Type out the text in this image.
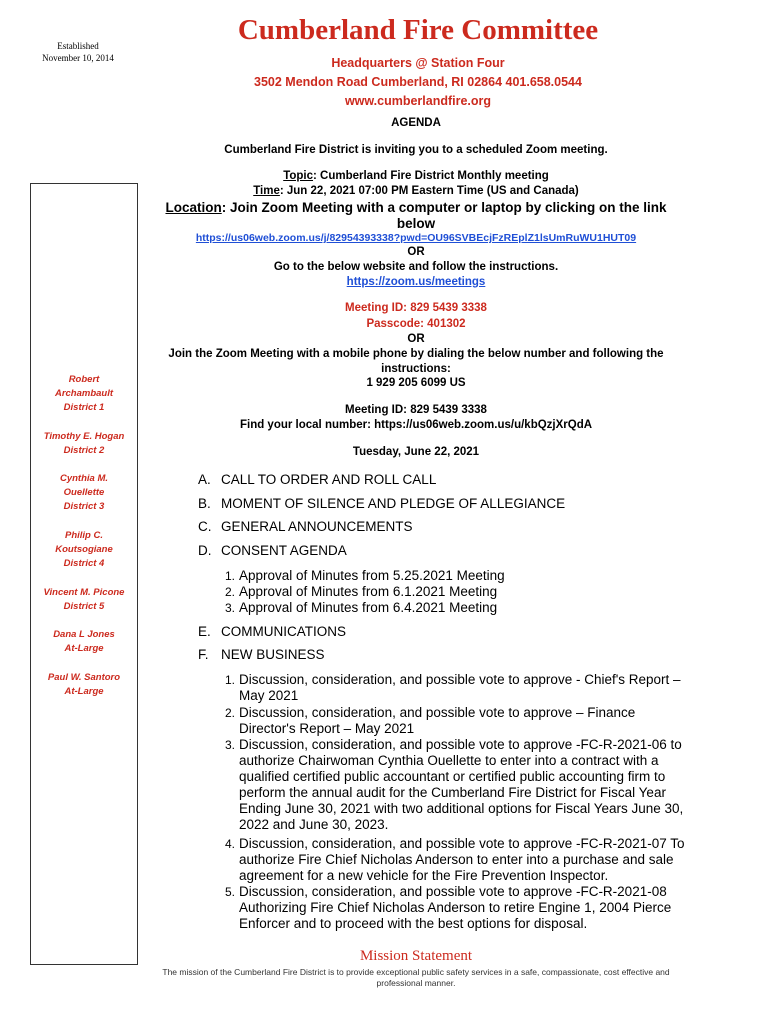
Established
November 10, 2014
Cumberland Fire Committee
Headquarters @ Station Four
3502 Mendon Road Cumberland, RI 02864 401.658.0544
www.cumberlandfire.org
AGENDA
Cumberland Fire District is inviting you to a scheduled Zoom meeting.
Topic: Cumberland Fire District Monthly meeting
Time: Jun 22, 2021 07:00 PM Eastern Time (US and Canada)
Location: Join Zoom Meeting with a computer or laptop by clicking on the link below
https://us06web.zoom.us/j/82954393338?pwd=OU96SVBEcjFzREplZ1lsUmRuWU1HUT09
OR
Go to the below website and follow the instructions.
https://zoom.us/meetings
Meeting ID: 829 5439 3338
Passcode: 401302
OR
Join the Zoom Meeting with a mobile phone by dialing the below number and following the instructions:
1 929 205 6099 US
Meeting ID: 829 5439 3338
Find your local number: https://us06web.zoom.us/u/kbQzjXrQdA
Tuesday, June 22, 2021
Robert
Archambault
District 1
Timothy E. Hogan
District 2
Cynthia M.
Ouellette
District 3
Philip C.
Koutsogiane
District 4
Vincent M. Picone
District 5
Dana L Jones
At-Large
Paul W. Santoro
At-Large
A. CALL TO ORDER AND ROLL CALL
B. MOMENT OF SILENCE AND PLEDGE OF ALLEGIANCE
C. GENERAL ANNOUNCEMENTS
D. CONSENT AGENDA
1. Approval of Minutes from 5.25.2021 Meeting
2. Approval of Minutes from 6.1.2021 Meeting
3. Approval of Minutes from 6.4.2021 Meeting
E. COMMUNICATIONS
F. NEW BUSINESS
1. Discussion, consideration, and possible vote to approve - Chief's Report – May 2021
2. Discussion, consideration, and possible vote to approve – Finance Director's Report – May 2021
3. Discussion, consideration, and possible vote to approve -FC-R-2021-06 to authorize Chairwoman Cynthia Ouellette to enter into a contract with a qualified certified public accountant or certified public accounting firm to perform the annual audit for the Cumberland Fire District for Fiscal Year Ending June 30, 2021 with two additional options for Fiscal Years June 30, 2022 and June 30, 2023.
4. Discussion, consideration, and possible vote to approve -FC-R-2021-07 To authorize Fire Chief Nicholas Anderson to enter into a purchase and sale agreement for a new vehicle for the Fire Prevention Inspector.
5. Discussion, consideration, and possible vote to approve -FC-R-2021-08 Authorizing Fire Chief Nicholas Anderson to retire Engine 1, 2004 Pierce Enforcer and to proceed with the best options for disposal.
Mission Statement
The mission of the Cumberland Fire District is to provide exceptional public safety services in a safe, compassionate, cost effective and professional manner.
